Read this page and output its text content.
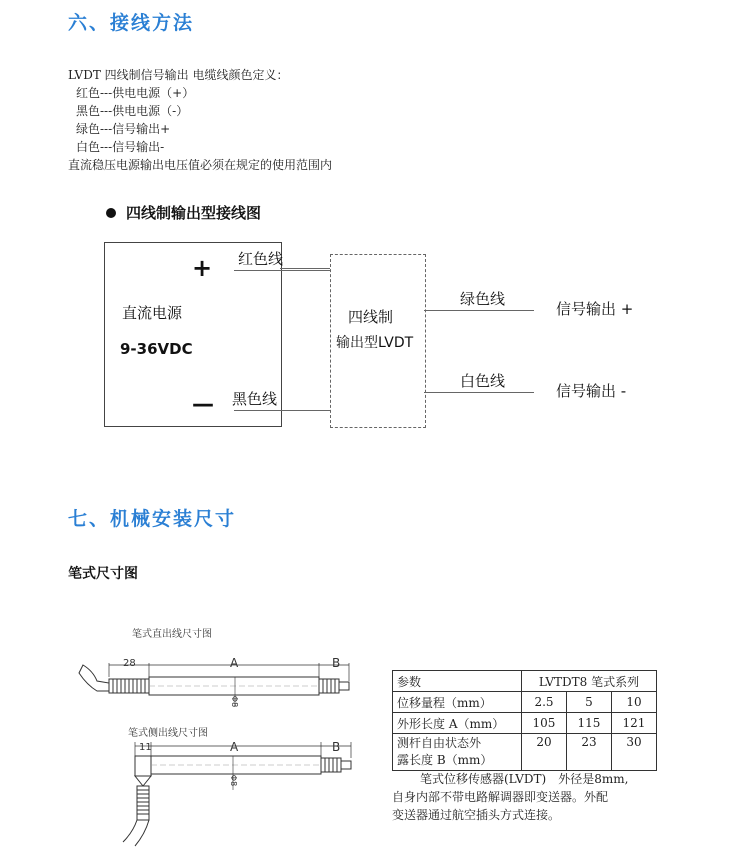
六、接线方法
LVDT 四线制信号输出 电缆线颜色定义：
红色---供电电源（+）
黑色---供电电源（-）
绿色---信号输出+
白色---信号输出-
直流稳压电源输出电压值必须在规定的使用范围内
四线制输出型接线图
直流电源
9-36VDC
+
—
红色线
黑色线
四线制
输出型LVDT
绿色线
信号输出 +
白色线
信号输出 -
七、机械安装尺寸
笔式尺寸图
笔式直出线尺寸图
28	A	B
Φ8
笔式侧出线尺寸图
11	A	B
Φ8
参数	LVTDT8 笔式系列		
位移量程（mm）	2.5	5	10
外形长度 A（mm）	105	115	121

测杆自由状态外
露长度 B（mm）	20	23	30
笔式位移传感器(LVDT)　外径是8mm,
自身内部不带电路解调器即变送器。外配
变送器通过航空插头方式连接。
